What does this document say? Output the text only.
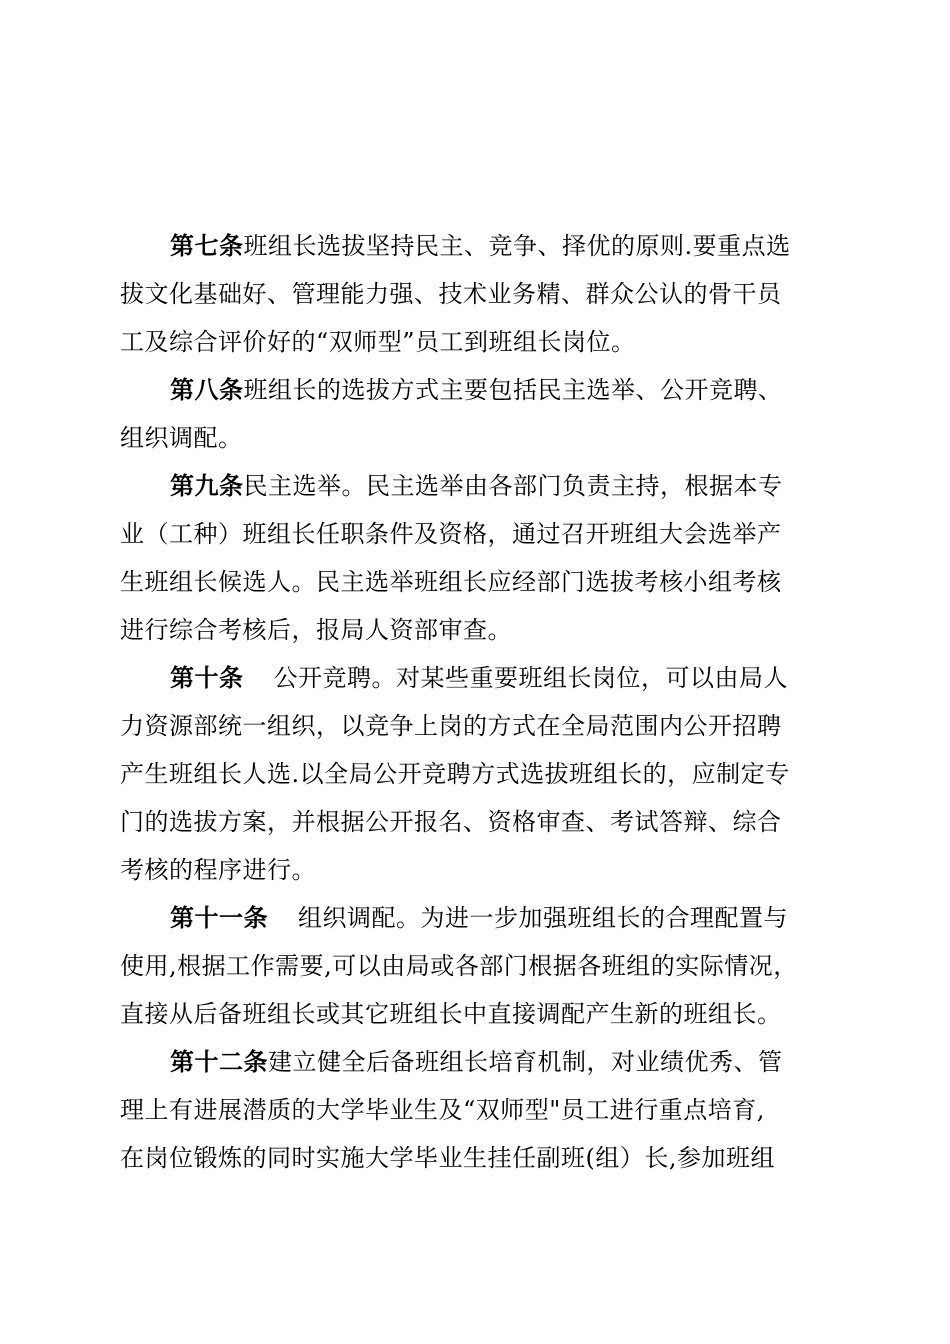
第七条班组长选拔坚持民主、竞争、择优的原则.要重点选
拔文化基础好、管理能力强、技术业务精、群众公认的骨干员
工及综合评价好的“双师型”员工到班组长岗位。
第八条班组长的选拔方式主要包括民主选举、公开竞聘、
组织调配。
第九条民主选举。民主选举由各部门负责主持，根据本专
业（工种）班组长任职条件及资格，通过召开班组大会选举产
生班组长候选人。民主选举班组长应经部门选拔考核小组考核
进行综合考核后，报局人资部审查。
第十条 公开竞聘。对某些重要班组长岗位，可以由局人
力资源部统一组织，以竞争上岗的方式在全局范围内公开招聘
产生班组长人选.以全局公开竞聘方式选拔班组长的，应制定专
门的选拔方案，并根据公开报名、资格审查、考试答辩、综合
考核的程序进行。
第十一条 组织调配。为进一步加强班组长的合理配置与
使用,根据工作需要,可以由局或各部门根据各班组的实际情况，
直接从后备班组长或其它班组长中直接调配产生新的班组长。
第十二条建立健全后备班组长培育机制，对业绩优秀、管
理上有进展潜质的大学毕业生及“双师型"员工进行重点培育,
在岗位锻炼的同时实施大学毕业生挂任副班(组）长,参加班组
